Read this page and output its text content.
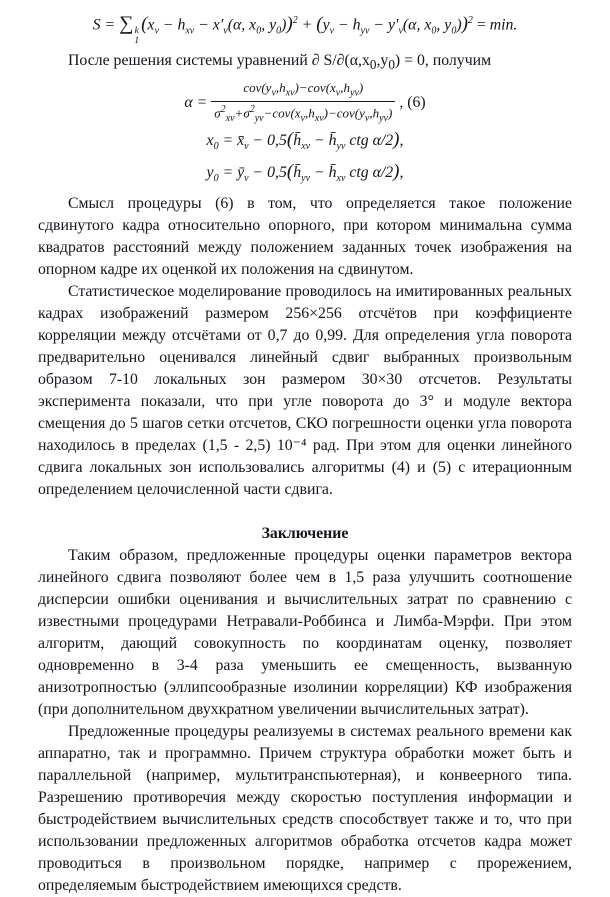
S = ∑ k
1
($x_v - h_{xv} - x'_v(\alpha$, $x_0$, $y_0))^2 + (y_v - h_{yv} - y'_v(\alpha$, $x_0$, $y_0))^2 = \min$.

После решения системы уравнений ∂ $S/\partial(\alpha,x_0,y_0) = 0$, получим

$\alpha = \frac{cov(y_v,h_{xv})-cov(x_v,h_{yv})}{\sigma^2_{xv}+\sigma^2_{yv}-cov(x_v,h_{xv})-cov(y_v,h_{yv})}$ , (6)
$x_0$ = $x̄_v$ − $0,5(h̄_{xv}$ − $h̄_{yv}$ ctg α/2),
$y_0$ = $ȳ_v$ − $0,5(h̄_{yv}$ − $h̄_{xv}$ ctg α/2),

Смысл процедуры (6) в том, что определяется такое положение сдвинутого кадра относительно опорного, при котором минимальна сумма квадратов расстояний между положением заданных точек изображения на опорном кадре их оценкой их положения на сдвинутом.

Статистическое моделирование проводилось на имитированных реальных кадрах изображений размером 256×256 отсчётов при коэффициенте корреляции между отсчётами от 0,7 до 0,99. Для определения угла поворота предварительно оценивался линейный сдвиг выбранных произвольным образом 7-10 локальных зон размером 30×30 отсчетов. Результаты эксперимента показали, что при угле поворота до 3° и модуле вектора смещения до 5 шагов сетки отсчетов, СКО погрешности оценки угла поворота находилось в пределах (1,5 - 2,5) 10⁻⁴ рад. При этом для оценки линейного сдвига локальных зон использовались алгоритмы (4) и (5) с итерационным определением целочисленной части сдвига.

Заключение

Таким образом, предложенные процедуры оценки параметров вектора линейного сдвига позволяют более чем в 1,5 раза улучшить соотношение дисперсии ошибки оценивания и вычислительных затрат по сравнению с известными процедурами Нетравали-Роббинса и Лимба-Мэрфи. При этом алгоритм, дающий совокупность по координатам оценку, позволяет одновременно в 3-4 раза уменьшить ее смещенность, вызванную анизотропностью (эллипсообразные изолинии корреляции) КФ изображения (при дополнительном двухкратном увеличении вычислительных затрат).

Предложенные процедуры реализуемы в системах реального времени как аппаратно, так и программно. Причем структура обработки может быть и параллельной (например, мультитранспьютерная), и конвеерного типа. Разрешению противоречия между скоростью поступления информации и быстродействием вычислительных средств способствует также и то, что при использовании предложенных алгоритмов обработка отсчетов кадра может проводиться в произвольном порядке, например с прорежением, определяемым быстродействием имеющихся средств.
